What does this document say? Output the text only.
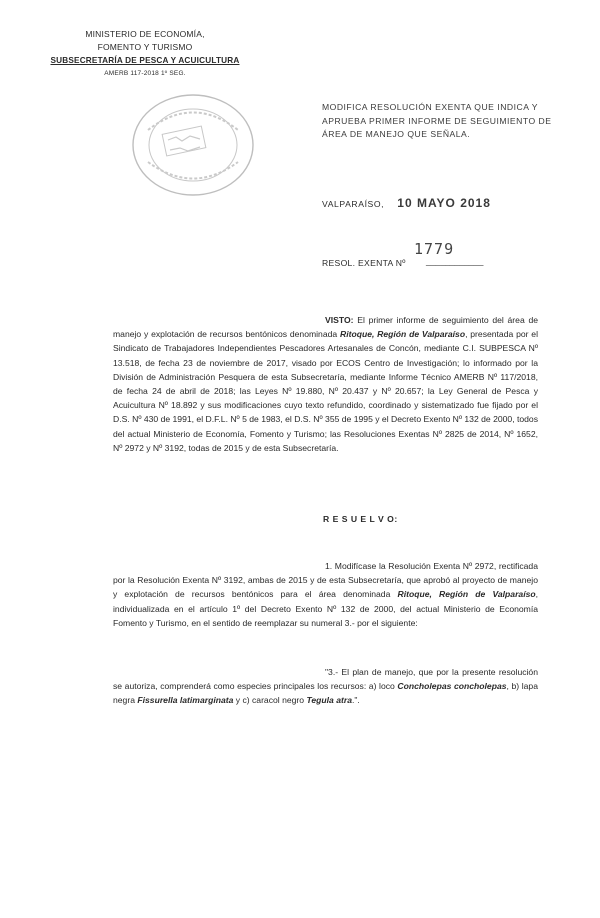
MINISTERIO DE ECONOMÍA,
FOMENTO Y TURISMO
SUBSECRETARÍA DE PESCA Y ACUICULTURA
AMERB 117-2018 1º SEG.
MODIFICA RESOLUCIÓN EXENTA QUE INDICA Y APRUEBA PRIMER INFORME DE SEGUIMIENTO DE ÁREA DE MANEJO QUE SEÑALA.
VALPARAÍSO, 10 MAYO 2018
1779
RESOL. EXENTA Nº ____________
VISTO: El primer informe de seguimiento del área de manejo y explotación de recursos bentónicos denominada Ritoque, Región de Valparaíso, presentada por el Sindicato de Trabajadores Independientes Pescadores Artesanales de Concón, mediante C.I. SUBPESCA Nº 13.518, de fecha 23 de noviembre de 2017, visado por ECOS Centro de Investigación; lo informado por la División de Administración Pesquera de esta Subsecretaría, mediante Informe Técnico AMERB Nº 117/2018, de fecha 24 de abril de 2018; las Leyes Nº 19.880, Nº 20.437 y Nº 20.657; la Ley General de Pesca y Acuicultura Nº 18.892 y sus modificaciones cuyo texto refundido, coordinado y sistematizado fue fijado por el D.S. Nº 430 de 1991, el D.F.L. Nº 5 de 1983, el D.S. Nº 355 de 1995 y el Decreto Exento Nº 132 de 2000, todos del actual Ministerio de Economía, Fomento y Turismo; las Resoluciones Exentas Nº 2825 de 2014, Nº 1652, Nº 2972 y Nº 3192, todas de 2015 y de esta Subsecretaría.
R E S U E L V O:
1. Modifícase la Resolución Exenta Nº 2972, rectificada por la Resolución Exenta Nº 3192, ambas de 2015 y de esta Subsecretaría, que aprobó al proyecto de manejo y explotación de recursos bentónicos para el área denominada Ritoque, Región de Valparaíso, individualizada en el artículo 1º del Decreto Exento Nº 132 de 2000, del actual Ministerio de Economía Fomento y Turismo, en el sentido de reemplazar su numeral 3.- por el siguiente:
"3.- El plan de manejo, que por la presente resolución se autoriza, comprenderá como especies principales los recursos: a) loco Concholepas concholepas, b) lapa negra Fissurella latimarginata y c) caracol negro Tegula atra.".
